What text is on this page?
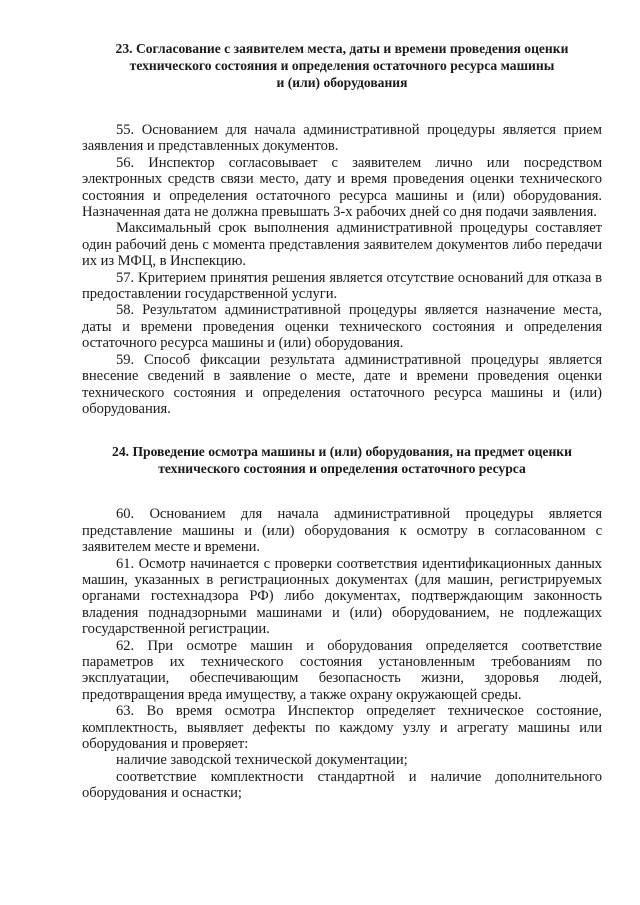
23. Согласование с заявителем места, даты и времени проведения оценки
технического состояния и определения остаточного ресурса машины
и (или) оборудования

55. Основанием для начала административной процедуры является прием заявления и представленных документов.

56. Инспектор согласовывает с заявителем лично или посредством электронных средств связи место, дату и время проведения оценки технического состояния и определения остаточного ресурса машины и (или) оборудования. Назначенная дата не должна превышать 3-х рабочих дней со дня подачи заявления.

Максимальный срок выполнения административной процедуры составляет один рабочий день с момента представления заявителем документов либо передачи их из МФЦ, в Инспекцию.

57. Критерием принятия решения является отсутствие оснований для отказа в предоставлении государственной услуги.

58. Результатом административной процедуры является назначение места, даты и времени проведения оценки технического состояния и определения остаточного ресурса машины и (или) оборудования.

59. Способ фиксации результата административной процедуры является внесение сведений в заявление о месте, дате и времени проведения оценки технического состояния и определения остаточного ресурса машины и (или) оборудования.

24. Проведение осмотра машины и (или) оборудования, на предмет оценки
технического состояния и определения остаточного ресурса

60. Основанием для начала административной процедуры является представление машины и (или) оборудования к осмотру в согласованном с заявителем месте и времени.

61. Осмотр начинается с проверки соответствия идентификационных данных машин, указанных в регистрационных документах (для машин, регистрируемых органами гостехнадзора РФ) либо документах, подтверждающим законность владения поднадзорными машинами и (или) оборудованием, не подлежащих государственной регистрации.

62. При осмотре машин и оборудования определяется соответствие параметров их технического состояния установленным требованиям по эксплуатации, обеспечивающим безопасность жизни, здоровья людей, предотвращения вреда имуществу, а также охрану окружающей среды.

63. Во время осмотра Инспектор определяет техническое состояние, комплектность, выявляет дефекты по каждому узлу и агрегату машины или оборудования и проверяет:

наличие заводской технической документации;

соответствие комплектности стандартной и наличие дополнительного оборудования и оснастки;
